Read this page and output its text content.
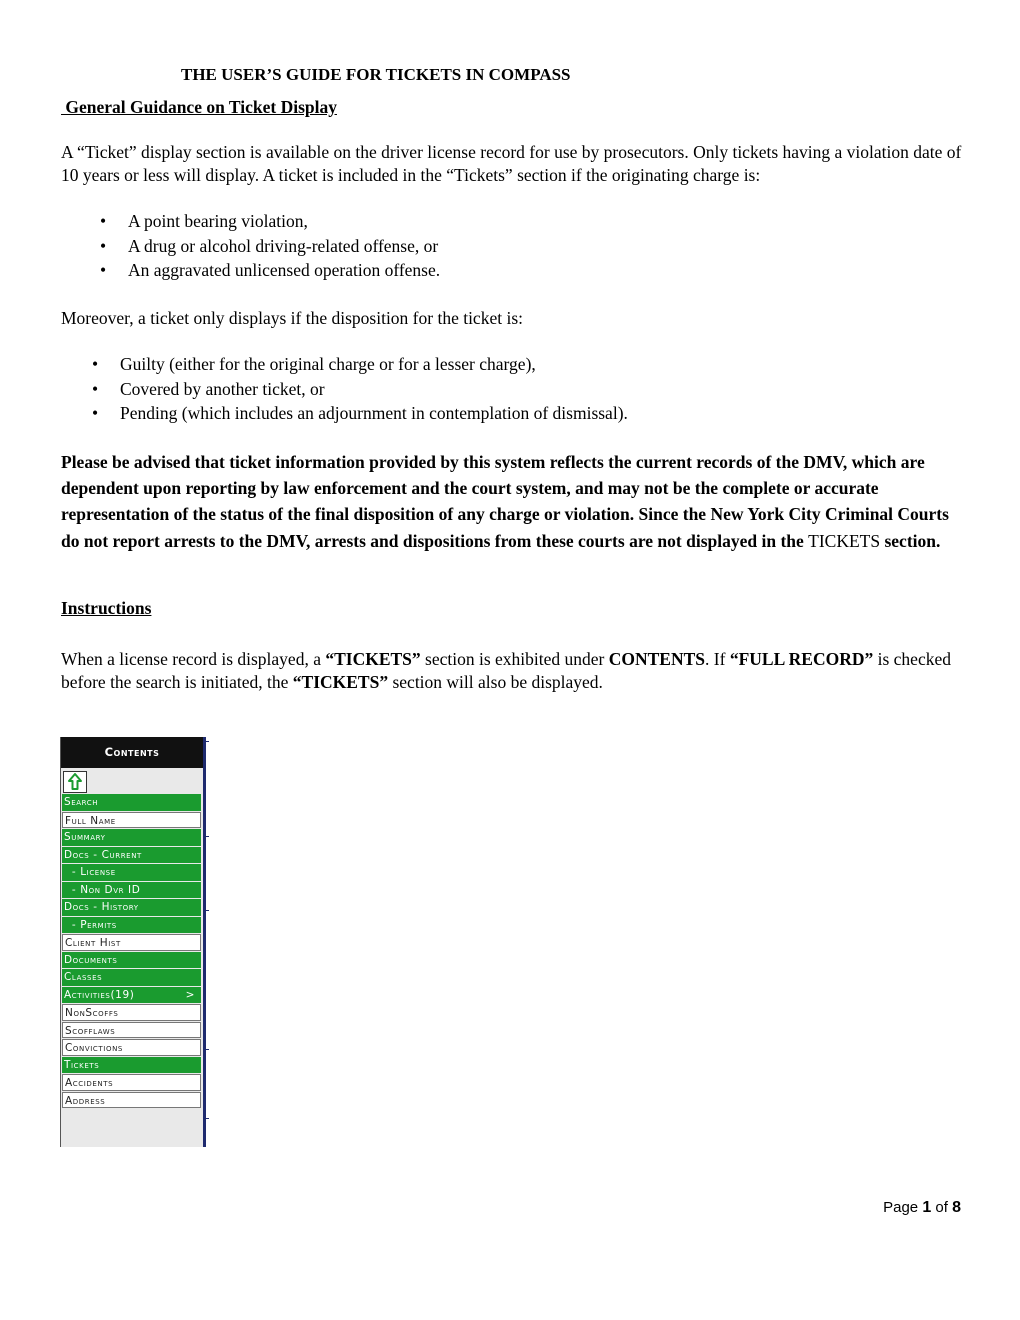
THE USER’S GUIDE FOR TICKETS IN COMPASS
General Guidance on Ticket Display
A “Ticket” display section is available on the driver license record for use by prosecutors. Only tickets having a violation date of 10 years or less will display. A ticket is included in the “Tickets” section if the originating charge is:
• A point bearing violation,
• A drug or alcohol driving-related offense, or
• An aggravated unlicensed operation offense.
Moreover, a ticket only displays if the disposition for the ticket is:
• Guilty (either for the original charge or for a lesser charge),
• Covered by another ticket, or
• Pending (which includes an adjournment in contemplation of dismissal).
Please be advised that ticket information provided by this system reflects the current records of the DMV, which are dependent upon reporting by law enforcement and the court system, and may not be the complete or accurate representation of the status of the final disposition of any charge or violation. Since the New York City Criminal Courts do not report arrests to the DMV, arrests and dispositions from these courts are not displayed in the TICKETS section.
Instructions
When a license record is displayed, a “TICKETS” section is exhibited under CONTENTS. If “FULL RECORD” is checked before the search is initiated, the “TICKETS” section will also be displayed.
Contents
Search
Full Name
Summary
Docs - Current
- License
- Non Dvr ID
Docs - History
- Permits
Client Hist
Documents
Classes
Activities(19)	>
NonScoffs
Scofflaws
Convictions
Tickets
Accidents
Address
Page 1 of 8
